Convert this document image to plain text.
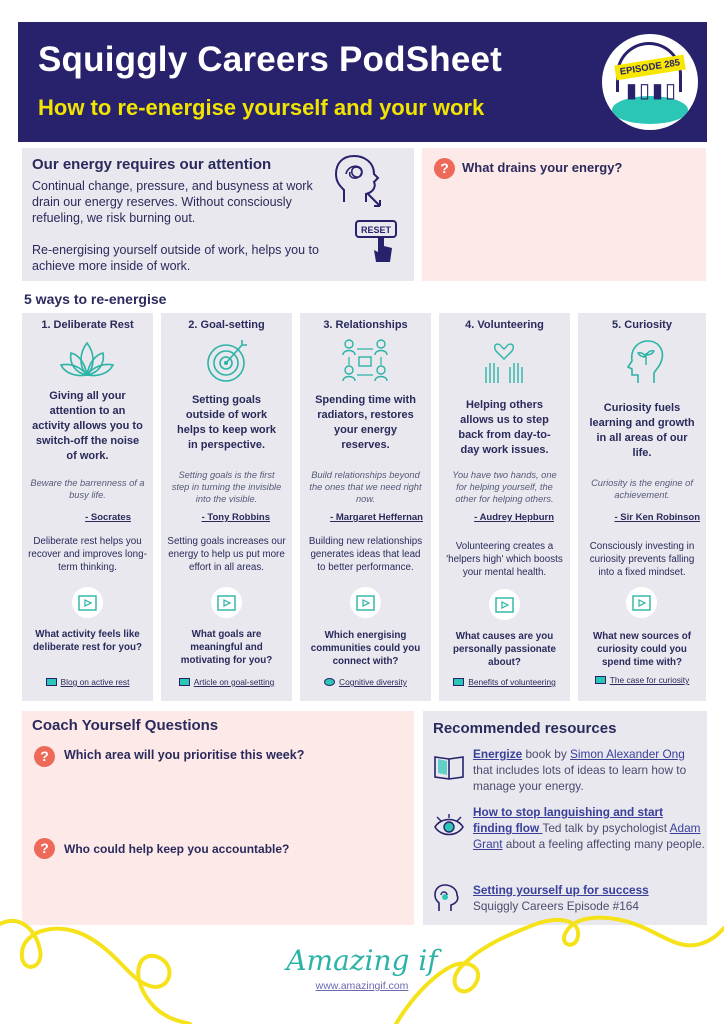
Squiggly Careers PodSheet
How to re-energise yourself and your work
▮▯▮▯
EPISODE 285
Our energy requires our attention

Continual change, pressure, and busyness at work drain our energy reserves. Without consciously refueling, we risk burning out.

Re-energising yourself outside of work, helps you to achieve more inside of work.

RESET
?	What drains your energy?
5 ways to re-energise
1. Deliberate Rest
Giving all your attention to an activity allows you to switch-off the noise of work.
Beware the barrenness of a busy life.
- Socrates
Deliberate rest helps you recover and improves long-term thinking.
What activity feels like deliberate rest for you?
Blog on active rest
2. Goal-setting
Setting goals outside of work helps to keep work in perspective.
Setting goals is the first step in turning the invisible into the visible.
- Tony Robbins
Setting goals increases our energy to help us put more effort in all areas.
What goals are meaningful and motivating for you?
Article on goal-setting
3. Relationships
Spending time with radiators, restores your energy reserves.
Build relationships beyond the ones that we need right now.
- Margaret Heffernan
Building new relationships generates ideas that lead to better performance.
Which energising communities could you connect with?
Cognitive diversity
4. Volunteering
Helping others allows us to step back from day-to-day work issues.
You have two hands, one for helping yourself, the other for helping others.
- Audrey Hepburn
Volunteering creates a 'helpers high' which boosts your mental health.
What causes are you personally passionate about?
Benefits of volunteering
5. Curiosity
Curiosity fuels learning and growth in all areas of our life.
Curiosity is the engine of achievement.
- Sir Ken Robinson
Consciously investing in curiosity prevents falling into a fixed mindset.
What new sources of curiosity could you spend time with?
The case for curiosity
Coach Yourself Questions
?	Which area will you prioritise this week?
?	Who could help keep you accountable?
Recommended resources
Energize book by Simon Alexander Ong that includes lots of ideas to learn how to manage your energy.
How to stop languishing and start finding flow Ted talk by psychologist Adam Grant about a feeling affecting many people.
Setting yourself up for success
Squiggly Careers Episode #164
Amazing if
www.amazingif.com
